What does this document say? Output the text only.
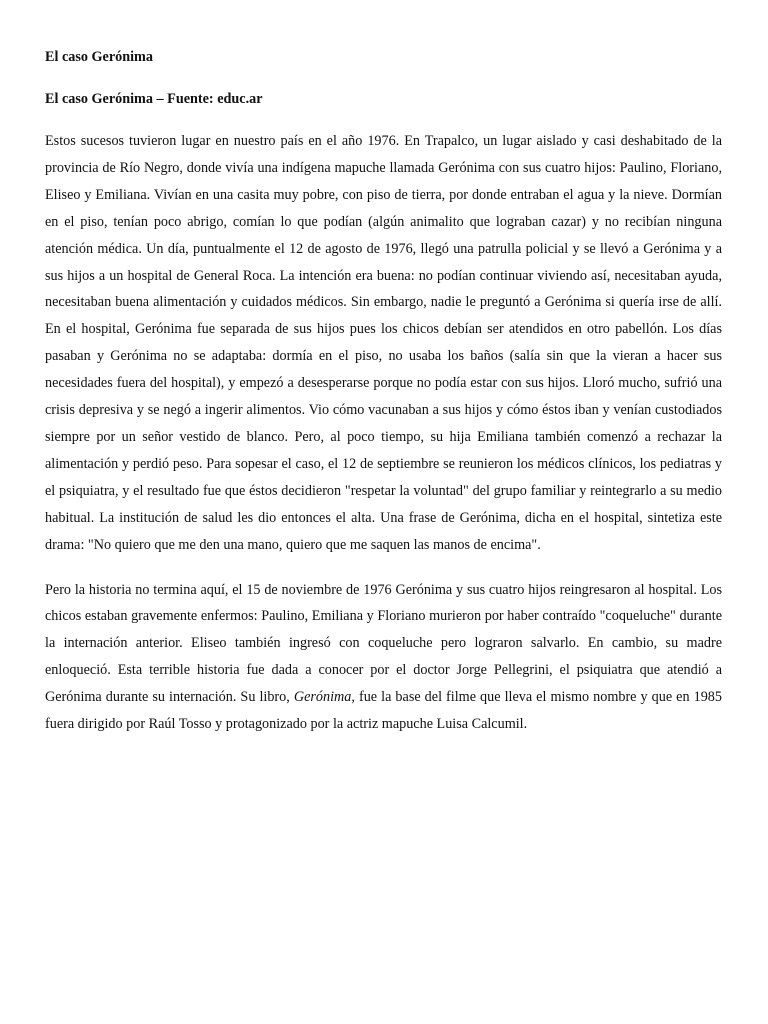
El caso Gerónima
El caso Gerónima – Fuente: educ.ar

Estos sucesos tuvieron lugar en nuestro país en el año 1976. En Trapalco, un lugar aislado y casi deshabitado de la provincia de Río Negro, donde vivía una indígena mapuche llamada Gerónima con sus cuatro hijos: Paulino, Floriano, Eliseo y Emiliana. Vivían en una casita muy pobre, con piso de tierra, por donde entraban el agua y la nieve. Dormían en el piso, tenían poco abrigo, comían lo que podían (algún animalito que lograban cazar) y no recibían ninguna atención médica. Un día, puntualmente el 12 de agosto de 1976, llegó una patrulla policial y se llevó a Gerónima y a sus hijos a un hospital de General Roca. La intención era buena: no podían continuar viviendo así, necesitaban ayuda, necesitaban buena alimentación y cuidados médicos. Sin embargo, nadie le preguntó a Gerónima si quería irse de allí. En el hospital, Gerónima fue separada de sus hijos pues los chicos debían ser atendidos en otro pabellón. Los días pasaban y Gerónima no se adaptaba: dormía en el piso, no usaba los baños (salía sin que la vieran a hacer sus necesidades fuera del hospital), y empezó a desesperarse porque no podía estar con sus hijos. Lloró mucho, sufrió una crisis depresiva y se negó a ingerir alimentos. Vio cómo vacunaban a sus hijos y cómo éstos iban y venían custodiados siempre por un señor vestido de blanco. Pero, al poco tiempo, su hija Emiliana también comenzó a rechazar la alimentación y perdió peso. Para sopesar el caso, el 12 de septiembre se reunieron los médicos clínicos, los pediatras y el psiquiatra, y el resultado fue que éstos decidieron "respetar la voluntad" del grupo familiar y reintegrarlo a su medio habitual. La institución de salud les dio entonces el alta. Una frase de Gerónima, dicha en el hospital, sintetiza este drama: "No quiero que me den una mano, quiero que me saquen las manos de encima".

Pero la historia no termina aquí, el 15 de noviembre de 1976 Gerónima y sus cuatro hijos reingresaron al hospital. Los chicos estaban gravemente enfermos: Paulino, Emiliana y Floriano murieron por haber contraído "coqueluche" durante la internación anterior. Eliseo también ingresó con coqueluche pero lograron salvarlo. En cambio, su madre enloqueció. Esta terrible historia fue dada a conocer por el doctor Jorge Pellegrini, el psiquiatra que atendió a Gerónima durante su internación. Su libro, Gerónima, fue la base del filme que lleva el mismo nombre y que en 1985 fuera dirigido por Raúl Tosso y protagonizado por la actriz mapuche Luisa Calcumil.
